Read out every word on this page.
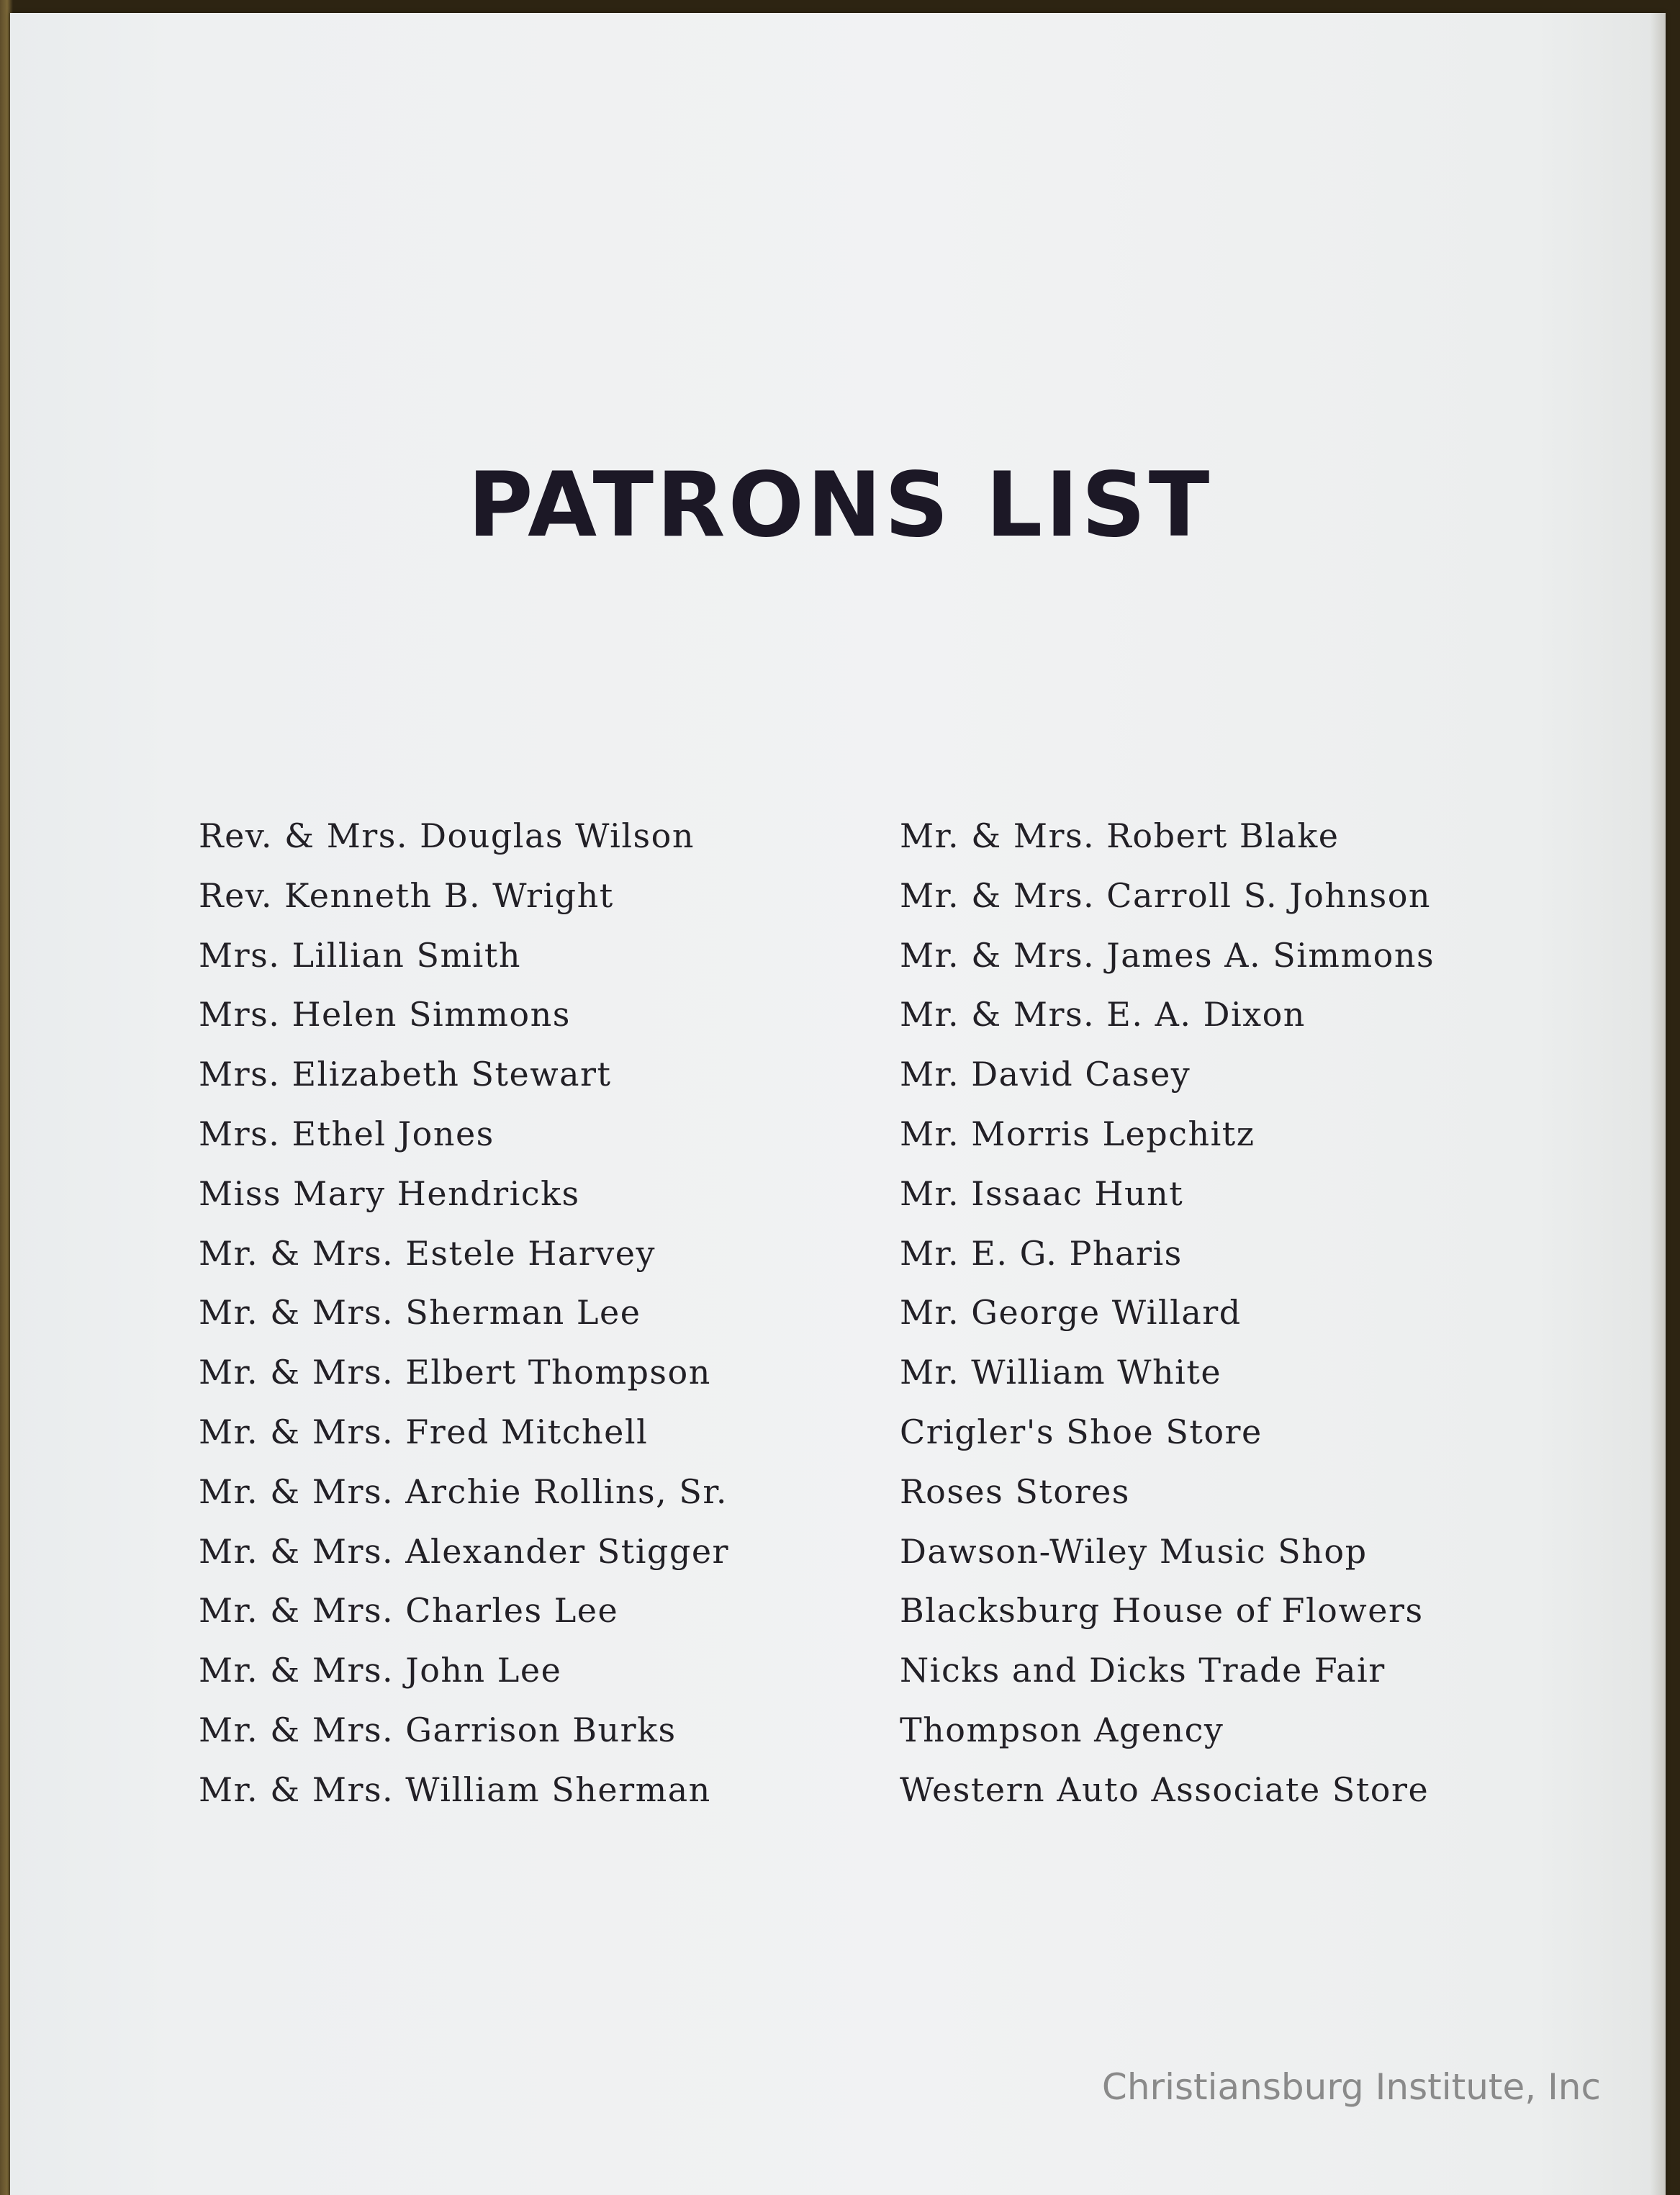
PATRONS LIST
Rev. & Mrs. Douglas Wilson
Rev. Kenneth B. Wright
Mrs. Lillian Smith
Mrs. Helen Simmons
Mrs. Elizabeth Stewart
Mrs. Ethel Jones
Miss Mary Hendricks
Mr. & Mrs. Estele Harvey
Mr. & Mrs. Sherman Lee
Mr. & Mrs. Elbert Thompson
Mr. & Mrs. Fred Mitchell
Mr. & Mrs. Archie Rollins, Sr.
Mr. & Mrs. Alexander Stigger
Mr. & Mrs. Charles Lee
Mr. & Mrs. John Lee
Mr. & Mrs. Garrison Burks
Mr. & Mrs. William Sherman
Mr. & Mrs. Robert Blake
Mr. & Mrs. Carroll S. Johnson
Mr. & Mrs. James A. Simmons
Mr. & Mrs. E. A. Dixon
Mr. David Casey
Mr. Morris Lepchitz
Mr. Issaac Hunt
Mr. E. G. Pharis
Mr. George Willard
Mr. William White
Crigler's Shoe Store
Roses Stores
Dawson-Wiley Music Shop
Blacksburg House of Flowers
Nicks and Dicks Trade Fair
Thompson Agency
Western Auto Associate Store
Christiansburg Institute, Inc
